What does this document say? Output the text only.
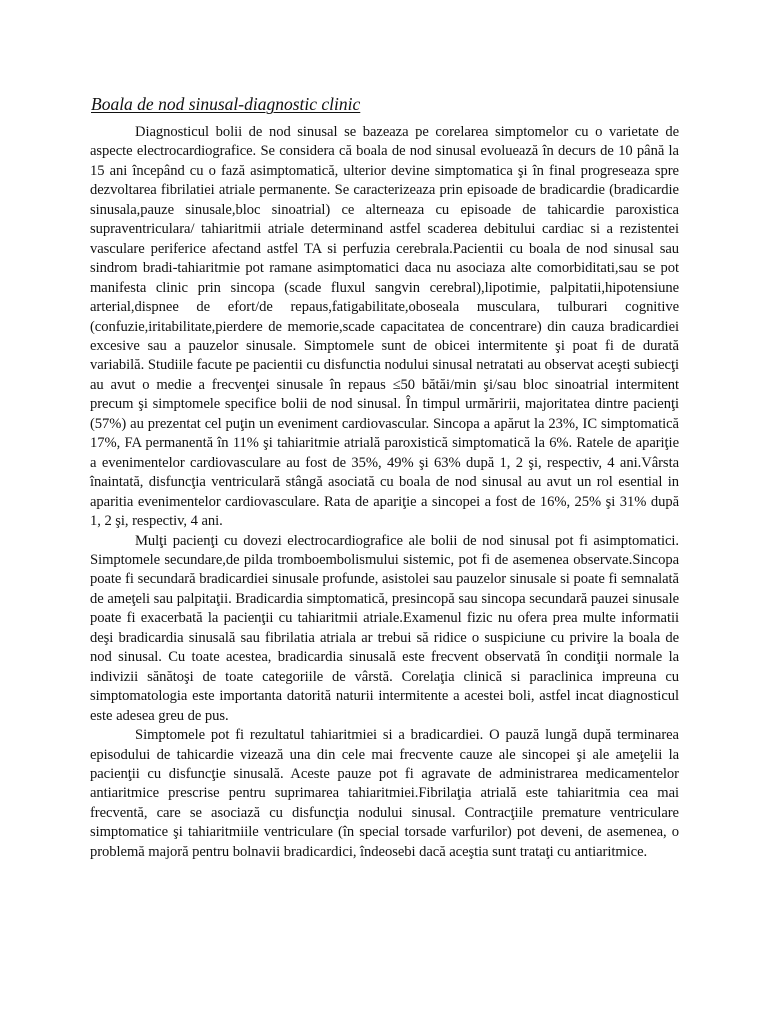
Boala de nod sinusal-diagnostic clinic

Diagnosticul bolii de nod sinusal se bazeaza pe corelarea simptomelor cu o varietate de aspecte electrocardiografice. Se considera că boala de nod sinusal evoluează în decurs de 10 până la 15 ani începând cu o fază asimptomatică, ulterior devine simptomatica şi în final progreseaza spre dezvoltarea fibrilatiei atriale permanente. Se caracterizeaza prin episoade de bradicardie (bradicardie sinusala,pauze sinusale,bloc sinoatrial) ce alterneaza cu episoade de tahicardie paroxistica supraventriculara/ tahiaritmii atriale determinand astfel scaderea debitului cardiac si a rezistentei vasculare periferice afectand astfel TA si perfuzia cerebrala.Pacientii cu boala de nod sinusal sau sindrom bradi-tahiaritmie pot ramane asimptomatici daca nu asociaza alte comorbiditati,sau se pot manifesta clinic prin sincopa (scade fluxul sangvin cerebral),lipotimie, palpitatii,hipotensiune arterial,dispnee de efort/de repaus,fatigabilitate,oboseala musculara, tulburari cognitive (confuzie,iritabilitate,pierdere de memorie,scade capacitatea de concentrare) din cauza bradicardiei excesive sau a pauzelor sinusale. Simptomele sunt de obicei intermitente şi poat fi de durată variabilă. Studiile facute pe pacientii cu disfunctia nodului sinusal netratati au observat aceşti subiecţi au avut o medie a frecvenţei sinusale în repaus ≤50 bătăi/min şi/sau bloc sinoatrial intermitent precum şi simptomele specifice bolii de nod sinusal. În timpul urmăririi, majoritatea dintre pacienţi (57%) au prezentat cel puţin un eveniment cardiovascular. Sincopa a apărut la 23%, IC simptomatică 17%, FA permanentă în 11% şi tahiaritmie atrială paroxistică simptomatică la 6%. Ratele de apariţie a evenimentelor cardiovasculare au fost de 35%, 49% şi 63% după 1, 2 şi, respectiv, 4 ani.Vârsta înaintată, disfuncţia ventriculară stângă asociată cu boala de nod sinusal au avut un rol esential in aparitia evenimentelor cardiovasculare. Rata de apariţie a sincopei a fost de 16%, 25% şi 31% după 1, 2 şi, respectiv, 4 ani.

Mulţi pacienţi cu dovezi electrocardiografice ale bolii de nod sinusal pot fi asimptomatici. Simptomele secundare,de pilda tromboembolismului sistemic, pot fi de asemenea observate.Sincopa poate fi secundară bradicardiei sinusale profunde, asistolei sau pauzelor sinusale si poate fi semnalată de ameţeli sau palpitaţii. Bradicardia simptomatică, presincopă sau sincopa secundară pauzei sinusale poate fi exacerbată la pacienţii cu tahiaritmii atriale.Examenul fizic nu ofera prea multe informatii deşi bradicardia sinusală sau fibrilatia atriala ar trebui să ridice o suspiciune cu privire la boala de nod sinusal. Cu toate acestea, bradicardia sinusală este frecvent observată în condiţii normale la indivizii sănătoşi de toate categoriile de vârstă. Corelaţia clinică si paraclinica impreuna cu simptomatologia este importanta datorită naturii intermitente a acestei boli, astfel incat diagnosticul este adesea greu de pus.

Simptomele pot fi rezultatul tahiaritmiei si a bradicardiei. O pauză lungă după terminarea episodului de tahicardie vizează una din cele mai frecvente cauze ale sincopei şi ale ameţelii la pacienţii cu disfuncţie sinusală. Aceste pauze pot fi agravate de administrarea medicamentelor antiaritmice prescrise pentru suprimarea tahiaritmiei.Fibrilaţia atrială este tahiaritmia cea mai frecventă, care se asociază cu disfuncţia nodului sinusal. Contracţiile premature ventriculare simptomatice şi tahiaritmiile ventriculare (în special torsade varfurilor) pot deveni, de asemenea, o problemă majoră pentru bolnavii bradicardici, îndeosebi dacă aceştia sunt trataţi cu antiaritmice.
